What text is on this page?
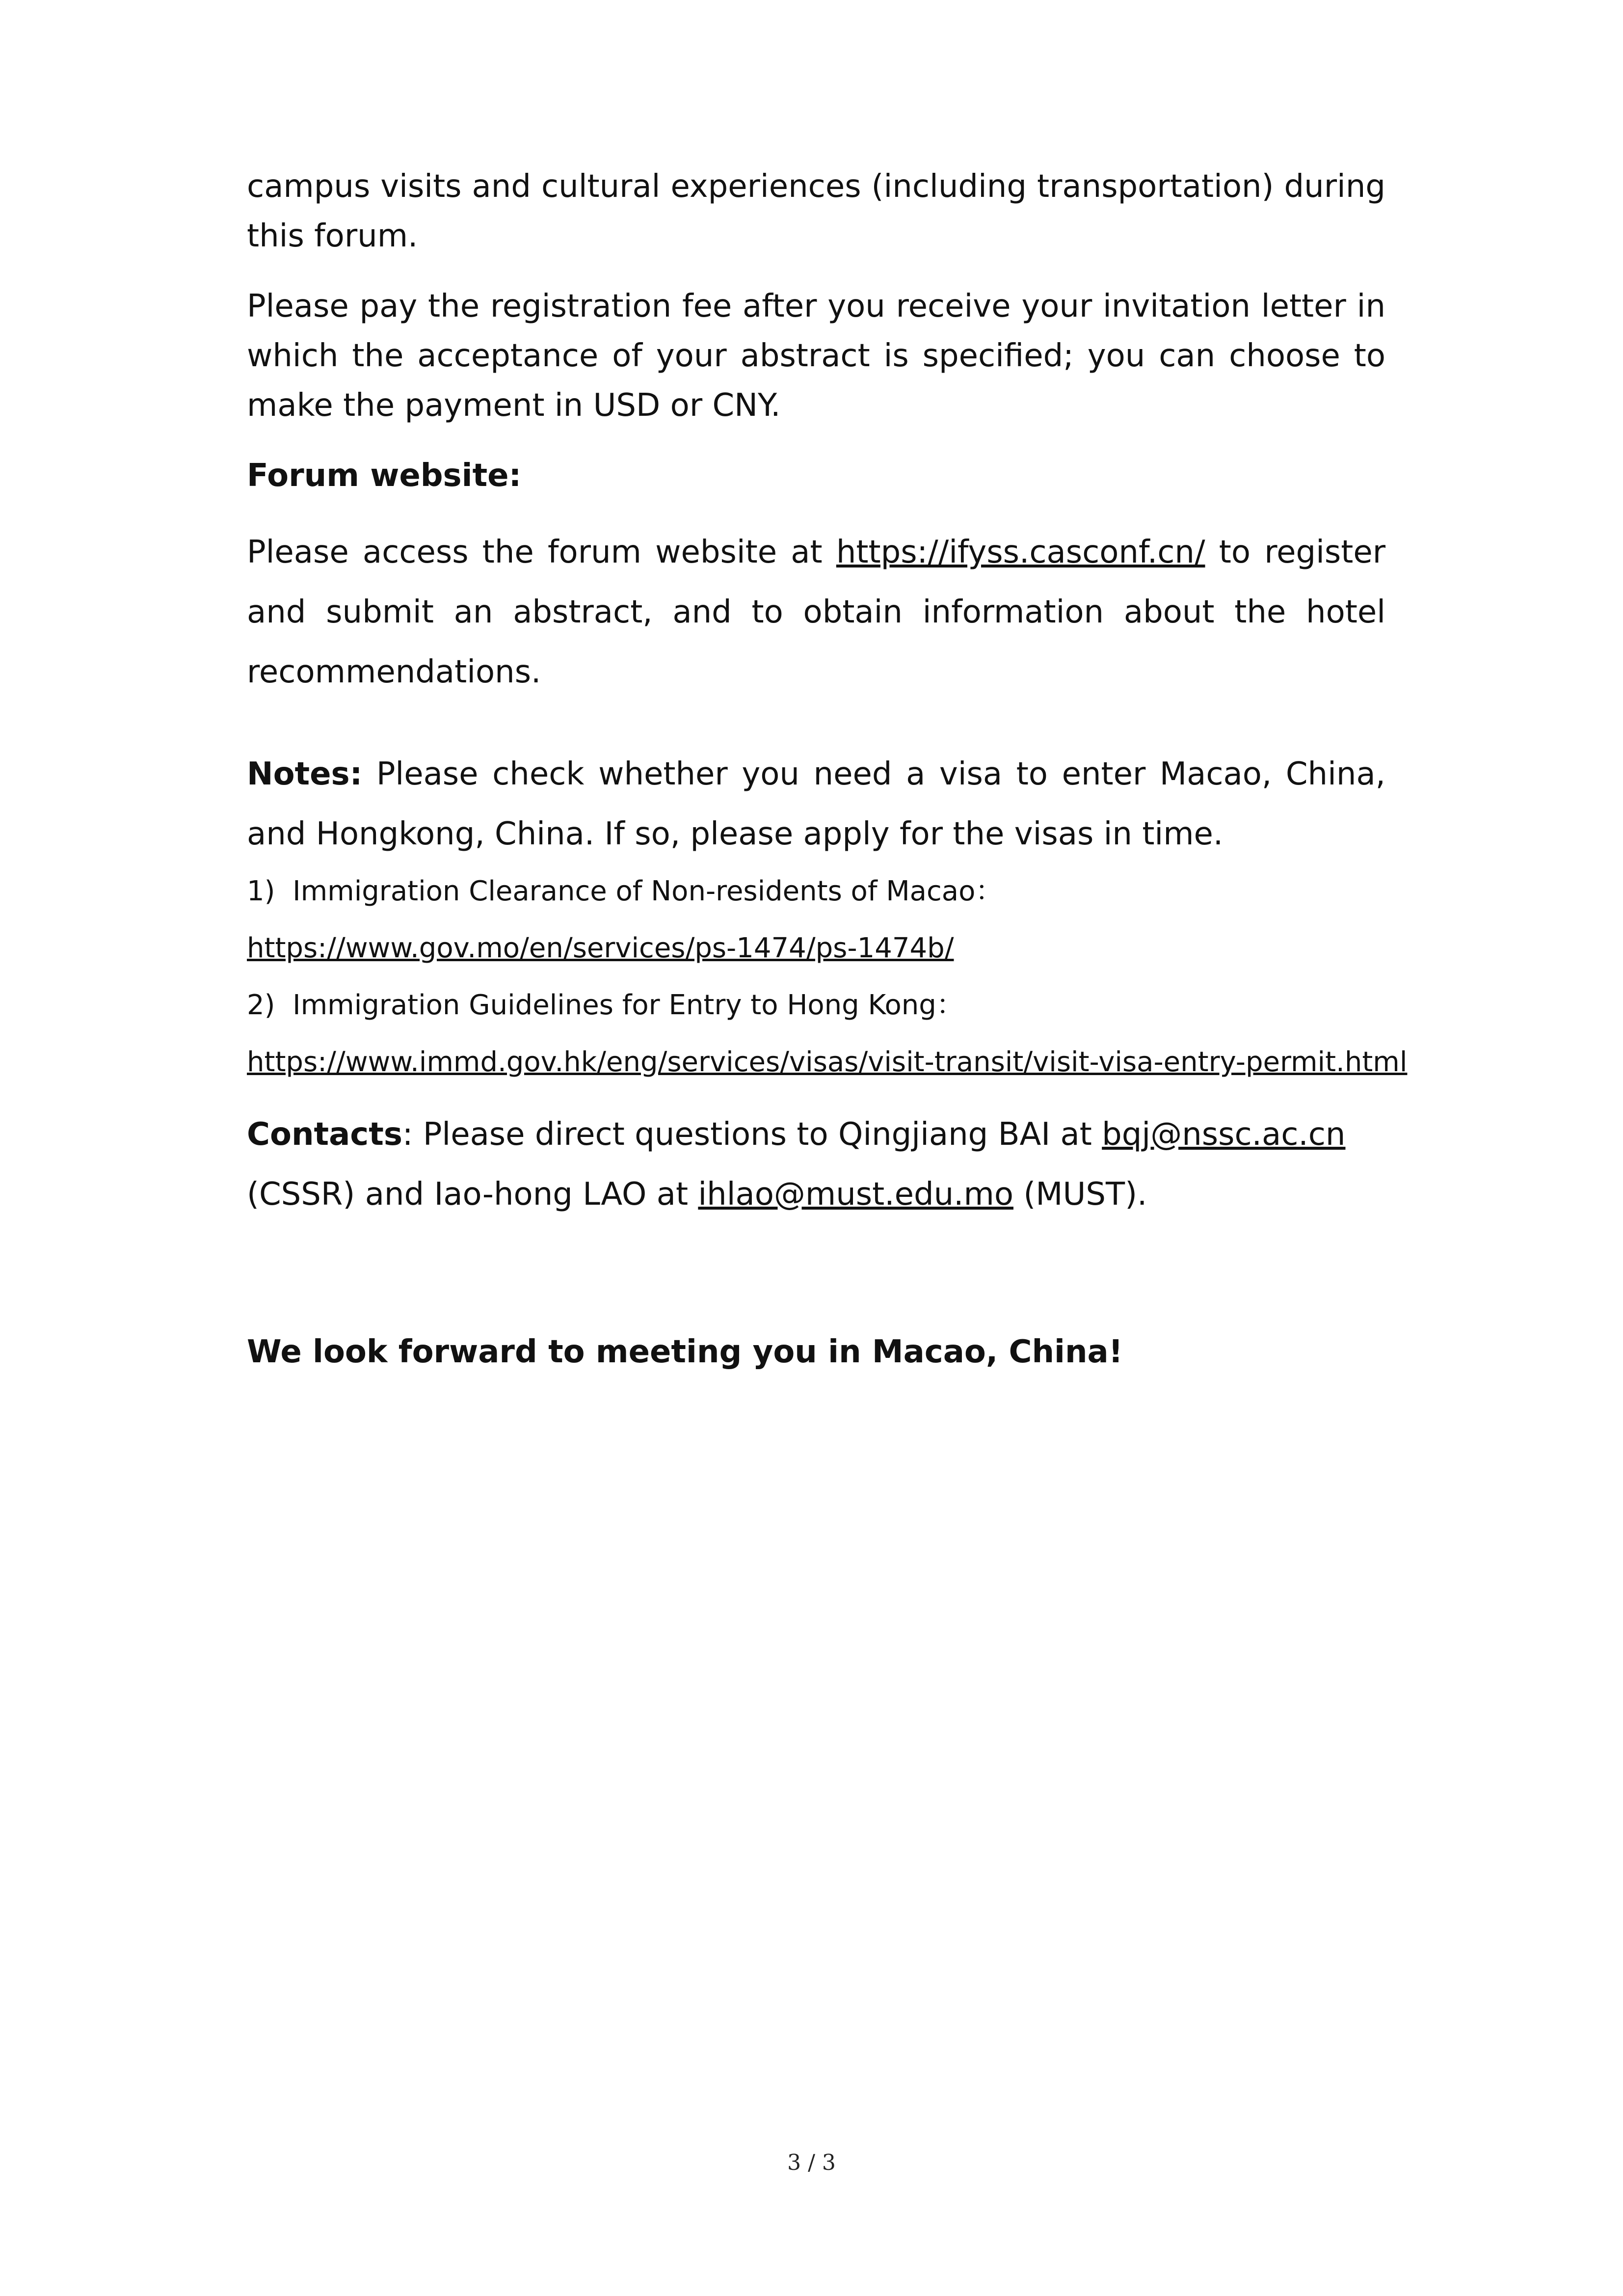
campus visits and cultural experiences (including transportation) during this forum.

Please pay the registration fee after you receive your invitation letter in which the acceptance of your abstract is specified; you can choose to make the payment in USD or CNY.

Forum website:

Please access the forum website at https://ifyss.casconf.cn/ to register and submit an abstract, and to obtain information about the hotel recommendations.

Notes: Please check whether you need a visa to enter Macao, China, and Hongkong, China. If so, please apply for the visas in time.

1)  Immigration Clearance of Non-residents of Macao：

https://www.gov.mo/en/services/ps-1474/ps-1474b/

2)  Immigration Guidelines for Entry to Hong Kong：

https://www.immd.gov.hk/eng/services/visas/visit-transit/visit-visa-entry-permit.html

Contacts: Please direct questions to Qingjiang BAI at bqj@nssc.ac.cn
(CSSR) and Iao-hong LAO at ihlao@must.edu.mo (MUST).

We look forward to meeting you in Macao, China!

3 / 3
